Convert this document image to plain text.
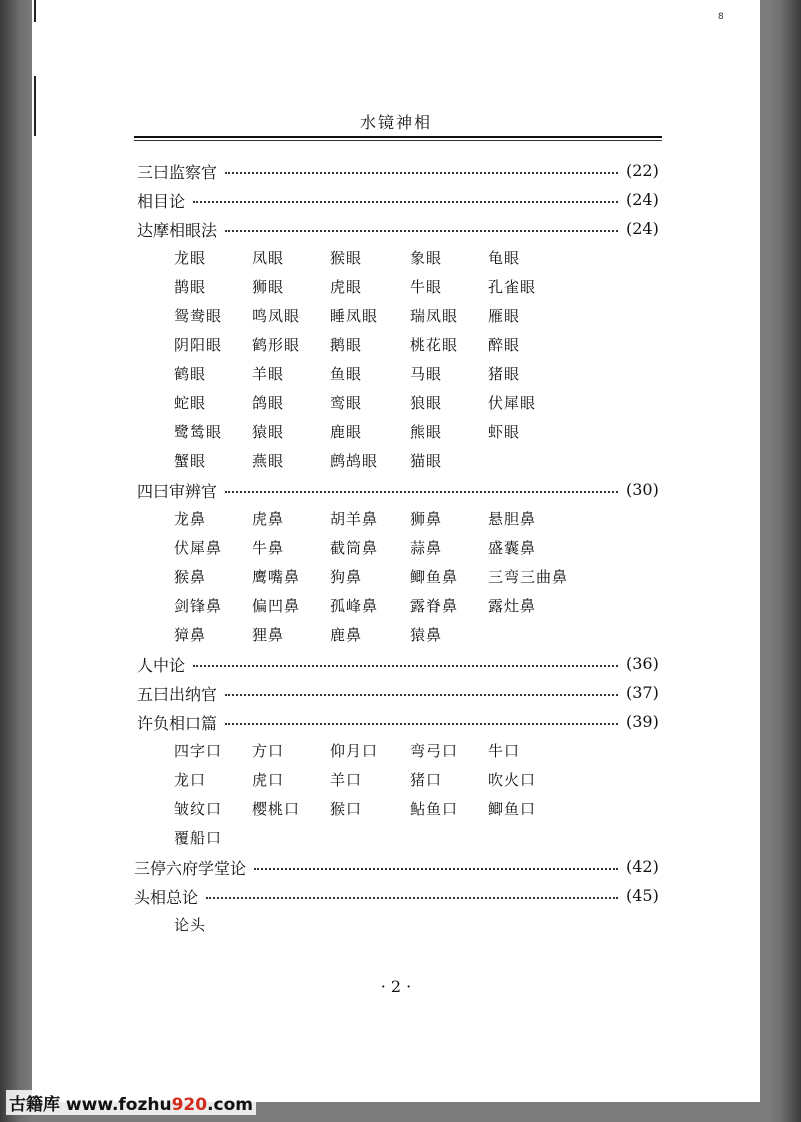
8
水镜神相
三曰监察官	(22)
相目论	(24)
达摩相眼法	(24)
龙眼	凤眼	猴眼	象眼	龟眼
鹊眼	狮眼	虎眼	牛眼	孔雀眼
鸳鸯眼 鸣凤眼 睡凤眼 瑞凤眼 雁眼
阴阳眼 鹤形眼 鹅眼	桃花眼 醉眼
鹤眼	羊眼	鱼眼	马眼	猪眼
蛇眼	鸽眼	鸾眼	狼眼	伏犀眼
鹭鸶眼 猿眼	鹿眼	熊眼	虾眼
蟹眼	燕眼	鹧鸪眼 猫眼
四曰审辨官	(30)
龙鼻	虎鼻	胡羊鼻 狮鼻	悬胆鼻
伏犀鼻 牛鼻	截筒鼻 蒜鼻	盛囊鼻
猴鼻	鹰嘴鼻 狗鼻	鲫鱼鼻 三弯三曲鼻
剑锋鼻 偏凹鼻 孤峰鼻 露脊鼻 露灶鼻
獐鼻	狸鼻	鹿鼻	猿鼻
人中论	(36)
五曰出纳官	(37)
许负相口篇	(39)
四字口 方口	仰月口 弯弓口 牛口
龙口	虎口	羊口	猪口	吹火口
皱纹口 樱桃口 猴口	鲇鱼口 鲫鱼口
覆船口
三停六府学堂论	(42)
头相总论	(45)
论头
· 2 ·
古籍库 www.fozhu920.com
